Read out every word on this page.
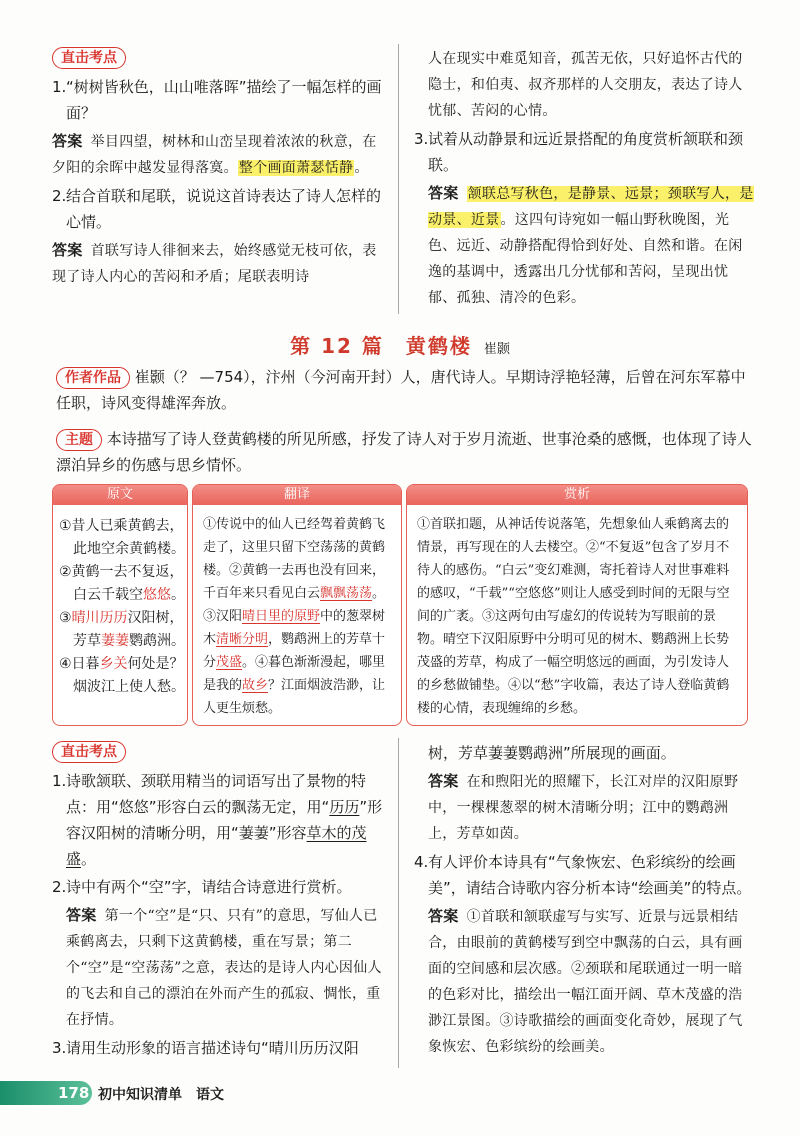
直击考点
1. “树树皆秋色，山山唯落晖”描绘了一幅怎样的画面？
答案 举目四望，树林和山峦呈现着浓浓的秋意，在夕阳的余晖中越发显得落寞。整个画面萧瑟恬静。
2. 结合首联和尾联，说说这首诗表达了诗人怎样的心情。
答案 首联写诗人徘徊来去，始终感觉无枝可依，表现了诗人内心的苦闷和矛盾；尾联表明诗
人在现实中难觅知音，孤苦无依，只好追怀古代的隐士，和伯夷、叔齐那样的人交朋友，表达了诗人忧郁、苦闷的心情。
3. 试着从动静景和远近景搭配的角度赏析颔联和颈联。
答案 颔联总写秋色，是静景、远景；颈联写人，是动景、近景。这四句诗宛如一幅山野秋晚图，光色、远近、动静搭配得恰到好处、自然和谐。在闲逸的基调中，透露出几分忧郁和苦闷，呈现出忧郁、孤独、清冷的色彩。
第 12 篇　黄鹤楼 崔颢
作者作品 崔颢（？ —754），汴州（今河南开封）人，唐代诗人。早期诗浮艳轻薄，后曾在河东军幕中任职，诗风变得雄浑奔放。
主题 本诗描写了诗人登黄鹤楼的所见所感，抒发了诗人对于岁月流逝、世事沧桑的感慨，也体现了诗人漂泊异乡的伤感与思乡情怀。
原文
①昔人已乘黄鹤去，
此地空余黄鹤楼。
②黄鹤一去不复返，
白云千载空悠悠。
③晴川历历汉阳树，
芳草萋萋鹦鹉洲。
④日暮乡关何处是？
烟波江上使人愁。
翻译
①传说中的仙人已经驾着黄鹤飞走了，这里只留下空荡荡的黄鹤楼。②黄鹤一去再也没有回来，千百年来只看见白云飘飘荡荡。③汉阳晴日里的原野中的葱翠树木清晰分明，鹦鹉洲上的芳草十分茂盛。④暮色渐渐漫起，哪里是我的故乡？江面烟波浩渺，让人更生烦愁。
赏析
①首联扣题，从神话传说落笔，先想象仙人乘鹤离去的情景，再写现在的人去楼空。②“不复返”包含了岁月不待人的感伤。“白云”变幻难测，寄托着诗人对世事难料的感叹，“千载”“空悠悠”则让人感受到时间的无限与空间的广袤。③这两句由写虚幻的传说转为写眼前的景物。晴空下汉阳原野中分明可见的树木、鹦鹉洲上长势茂盛的芳草，构成了一幅空明悠远的画面，为引发诗人的乡愁做铺垫。④以“愁”字收篇，表达了诗人登临黄鹤楼的心情，表现缠绵的乡愁。
直击考点
1. 诗歌颔联、颈联用精当的词语写出了景物的特点：用“悠悠”形容白云的飘荡无定，用“历历”形容汉阳树的清晰分明，用“萋萋”形容草木的茂盛。
2. 诗中有两个“空”字，请结合诗意进行赏析。
答案 第一个“空”是“只、只有”的意思，写仙人已乘鹤离去，只剩下这黄鹤楼，重在写景；第二个“空”是“空荡荡”之意，表达的是诗人内心因仙人的飞去和自己的漂泊在外而产生的孤寂、惆怅，重在抒情。
3. 请用生动形象的语言描述诗句“晴川历历汉阳
树，芳草萋萋鹦鹉洲”所展现的画面。
答案 在和煦阳光的照耀下，长江对岸的汉阳原野中，一棵棵葱翠的树木清晰分明；江中的鹦鹉洲上，芳草如茵。
4. 有人评价本诗具有“气象恢宏、色彩缤纷的绘画美”，请结合诗歌内容分析本诗“绘画美”的特点。
答案 ①首联和颔联虚写与实写、近景与远景相结合，由眼前的黄鹤楼写到空中飘荡的白云，具有画面的空间感和层次感。②颈联和尾联通过一明一暗的色彩对比，描绘出一幅江面开阔、草木茂盛的浩渺江景图。③诗歌描绘的画面变化奇妙，展现了气象恢宏、色彩缤纷的绘画美。
178 初中知识清单　语文
